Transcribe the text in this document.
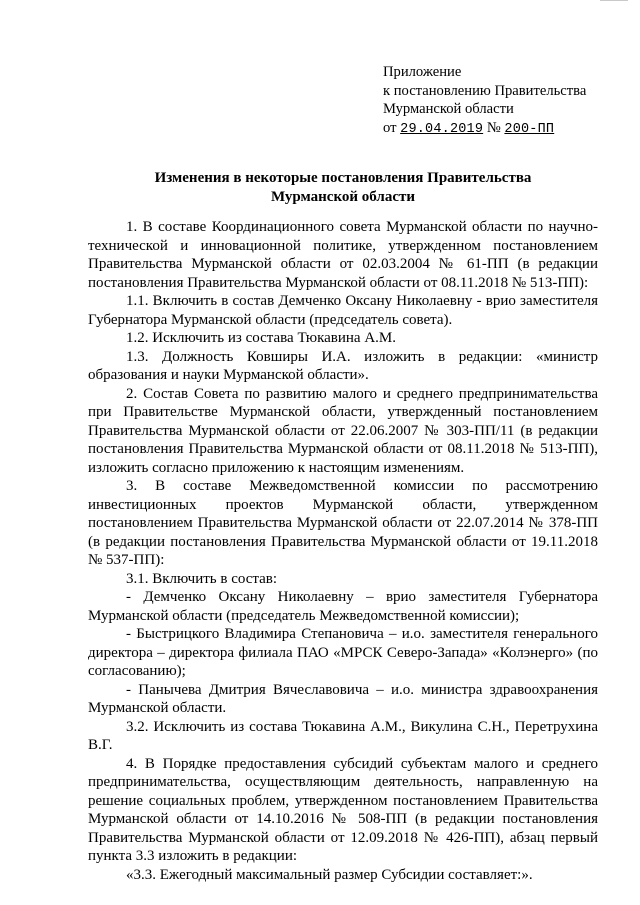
Приложение
к постановлению Правительства
Мурманской области
от 29.04.2019 № 200-ПП
Изменения в некоторые постановления Правительства
Мурманской области

1. В составе Координационного совета Мурманской области по научно-технической и инновационной политике, утвержденном постановлением Правительства Мурманской области от 02.03.2004 № 61-ПП (в редакции постановления Правительства Мурманской области от 08.11.2018 № 513-ПП):

1.1. Включить в состав Демченко Оксану Николаевну - врио заместителя Губернатора Мурманской области (председатель совета).

1.2. Исключить из состава Тюкавина А.М.

1.3. Должность Ковширы И.А. изложить в редакции: «министр образования и науки Мурманской области».

2. Состав Совета по развитию малого и среднего предпринимательства при Правительстве Мурманской области, утвержденный постановлением Правительства Мурманской области от 22.06.2007 № 303-ПП/11 (в редакции постановления Правительства Мурманской области от 08.11.2018 № 513-ПП), изложить согласно приложению к настоящим изменениям.

3. В составе Межведомственной комиссии по рассмотрению инвестиционных проектов Мурманской области, утвержденном постановлением Правительства Мурманской области от 22.07.2014 № 378-ПП (в редакции постановления Правительства Мурманской области от 19.11.2018 № 537-ПП):

3.1. Включить в состав:

- Демченко Оксану Николаевну – врио заместителя Губернатора Мурманской области (председатель Межведомственной комиссии);

- Быстрицкого Владимира Степановича – и.о. заместителя генерального директора – директора филиала ПАО «МРСК Северо-Запада» «Колэнерго» (по согласованию);

- Панычева Дмитрия Вячеславовича – и.о. министра здравоохранения Мурманской области.

3.2. Исключить из состава Тюкавина А.М., Викулина С.Н., Перетрухина В.Г.

4. В Порядке предоставления субсидий субъектам малого и среднего предпринимательства, осуществляющим деятельность, направленную на решение социальных проблем, утвержденном постановлением Правительства Мурманской области от 14.10.2016 № 508-ПП (в редакции постановления Правительства Мурманской области от 12.09.2018 № 426-ПП), абзац первый пункта 3.3 изложить в редакции:

«3.3. Ежегодный максимальный размер Субсидии составляет:».
